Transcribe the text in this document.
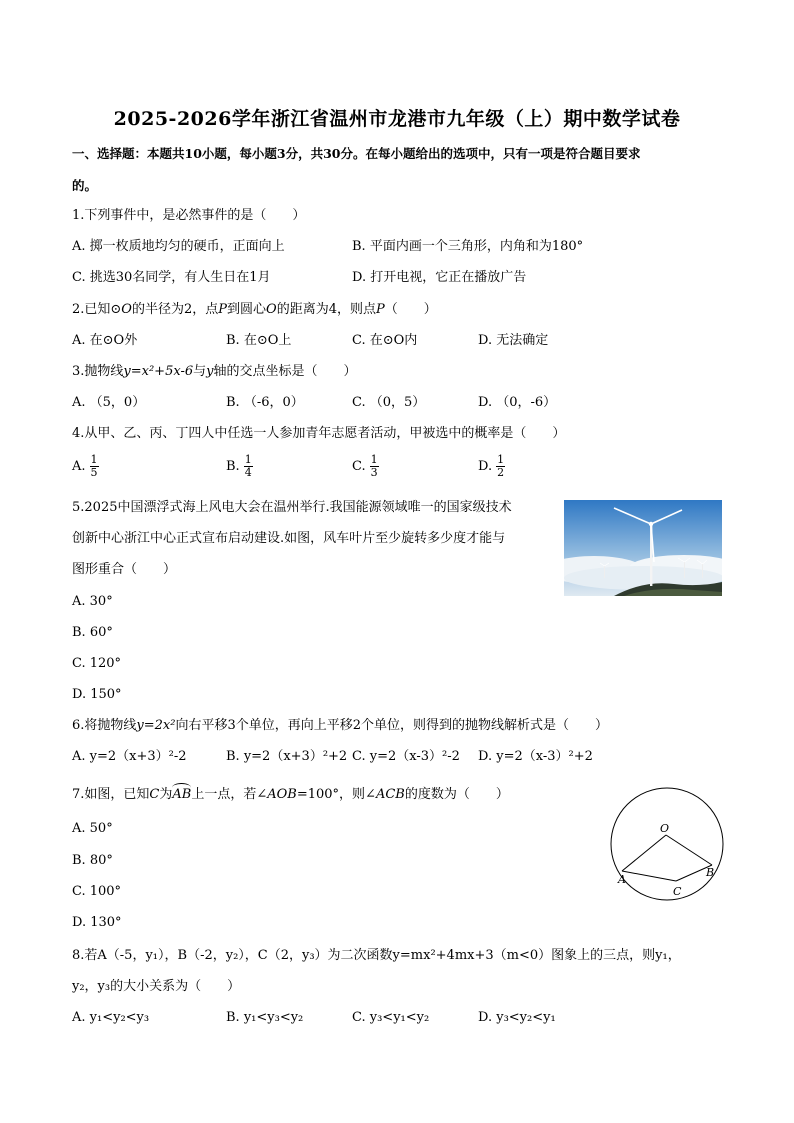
2025-2026学年浙江省温州市龙港市九年级（上）期中数学试卷
一、选择题：本题共10小题，每小题3分，共30分。在每小题给出的选项中，只有一项是符合题目要求
的。
1.下列事件中，是必然事件的是（　　）
A. 掷一枚质地均匀的硬币，正面向上	B. 平面内画一个三角形，内角和为180°
C. 挑选30名同学，有人生日在1月	D. 打开电视，它正在播放广告
2.已知⊙O的半径为2，点P到圆心O的距离为4，则点P（　　）
A. 在⊙O外	B. 在⊙O上	C. 在⊙O内	D. 无法确定
3.抛物线y=x²+5x-6与y轴的交点坐标是（　　）
A. （5，0）	B. （-6，0）	C. （0，5）	D. （0，-6）
4.从甲、乙、丙、丁四人中任选一人参加青年志愿者活动，甲被选中的概率是（　　）
A. $\frac{1}{5}$	B. $\frac{1}{4}$	C. $\frac{1}{3}$	D. $\frac{1}{2}$
5.2025中国漂浮式海上风电大会在温州举行.我国能源领域唯一的国家级技术
创新中心浙江中心正式宣布启动建设.如图，风车叶片至少旋转多少度才能与
图形重合（　　）
A. 30°
B. 60°
C. 120°
D. 150°
6.将抛物线y=2x²向右平移3个单位，再向上平移2个单位，则得到的抛物线解析式是（　　）
A. y=2（x+3）²-2	B. y=2（x+3）²+2 C. y=2（x-3）²-2 D. y=2（x-3）²+2
7.如图，已知C为AB上一点，若∠AOB=100°，则∠ACB的度数为（　　）
A. 50°
B. 80°
C. 100°
D. 130°
O
A
B
C
8.若A（-5，y₁），B（-2，y₂），C（2，y₃）为二次函数y=mx²+4mx+3（m<0）图象上的三点，则y₁，
y₂，y₃的大小关系为（　　）
A. y₁<y₂<y₃	B. y₁<y₃<y₂	C. y₃<y₁<y₂	D. y₃<y₂<y₁
